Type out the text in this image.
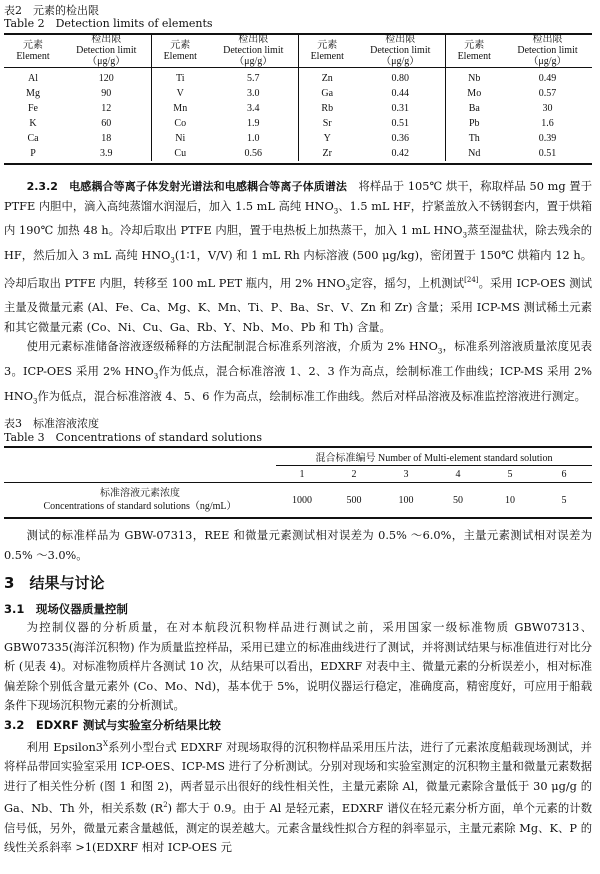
表2　元素的检出限
Table 2　Detection limits of elements
元素
Element	检出限
Detection limit
（μg/g）	元素
Element	检出限
Detection limit
（μg/g）	元素
Element	检出限
Detection limit
（μg/g）	元素
Element	检出限
Detection limit
（μg/g）
Al	120	Ti	5.7	Zn	0.80	Nb	0.49
Mg	90	V	3.0	Ga	0.44	Mo	0.57
Fe	12	Mn	3.4	Rb	0.31	Ba	30
K	60	Co	1.9	Sr	0.51	Pb	1.6
Ca	18	Ni	1.0	Y	0.36	Th	0.39
P	3.9	Cu	0.56	Zr	0.42	Nd	0.51

2.3.2　 电感耦合等离子体发射光谱法和电感耦合等离子体质谱法　 将样品于 105℃ 烘干，称取样品 50 mg 置于 PTFE 内胆中，滴入高纯蒸馏水润湿后，加入 1.5 mL 高纯 $HNO_3$、1.5 mL HF，拧紧盖放入不锈钢套内，置于烘箱内 190℃ 加热 48 h。冷却后取出 PTFE 内胆，置于电热板上加热蒸干，加入 1 mL $HNO_3$蒸至湿盐状，除去残余的 HF，然后加入 3 mL 高纯 $HNO_3(1∶1$，V/V) 和 1 mL Rh 内标溶液 (500 μg/kg)，密闭置于 150℃ 烘箱内 12 h。冷却后取出 PTFE 内胆，转移至 100 mL PET 瓶内，用 2% $HNO_3$定容，摇匀，上机测试[24]。采用 ICP-OES 测试主量及微量元素 (Al、Fe、Ca、Mg、K、Mn、Ti、P、Ba、Sr、V、Zn 和 Zr) 含量；采用 ICP-MS 测试稀土元素和其它微量元素 (Co、Ni、Cu、Ga、Rb、Y、Nb、Mo、Pb 和 Th) 含量。

使用元素标准储备溶液逐级稀释的方法配制混合标准系列溶液，介质为 2% $HNO_3$，标准系列溶液质量浓度见表 3。ICP-OES 采用 2% $HNO_3$作为低点，混合标准溶液 1、2、3 作为高点，绘制标准工作曲线；ICP-MS 采用 2% $HNO_3$作为低点，混合标准溶液 4、5、6 作为高点，绘制标准工作曲线。然后对样品溶液及标准监控溶液进行测定。

表3　标准溶液浓度
Table 3　Concentrations of standard solutions
	混合标准编号 Number of Multi-element standard solution					
	1	2	3	4	5	6
标准溶液元素浓度
Concentrations of standard solutions（ng/mL）	1000	500	100	50	10	5

测试的标准样品为 GBW-07313，REE 和微量元素测试相对误差为 0.5% ～6.0%，主量元素测试相对误差为 0.5% ～3.0%。

3　 结果与讨论
3.1　 现场仪器质量控制

为控制仪器的分析质量，在对本航段沉积物样品进行测试之前，采用国家一级标准物质 GBW07313、GBW07335(海洋沉积物) 作为质量监控样品，采用已建立的标准曲线进行了测试，并将测试结果与标准值进行对比分析 (见表 4)。对标准物质样片各测试 10 次，从结果可以看出，EDXRF 对表中主、微量元素的分析误差小，相对标准偏差除个别低含量元素外 (Co、Mo、Nd)，基本优于 5%，说明仪器运行稳定，准确度高，精密度好，可应用于船载条件下现场沉积物元素的分析测试。

3.2　 EDXRF 测试与实验室分析结果比较

利用 $Epsilon3^X$系列小型台式 EDXRF 对现场取得的沉积物样品采用压片法，进行了元素浓度船载现场测试，并将样品带回实验室采用 ICP-OES、ICP-MS 进行了分析测试。分别对现场和实验室测定的沉积物主量和微量元素数据进行了相关性分析 (图 1 和图 2)，两者显示出很好的线性相关性，主量元素除 Al，微量元素除含量低于 30 μg/g 的 Ga、Nb、Th 外，相关系数 $(R^2)$ 都大于 0.9。由于 Al 是轻元素，EDXRF 谱仪在轻元素分析方面，单个元素的计数信号低，另外，微量元素含量越低，测定的误差越大。元素含量线性拟合方程的斜率显示，主量元素除 Mg、K、P 的线性关系斜率 >1(EDXRF 相对 ICP-OES 元
